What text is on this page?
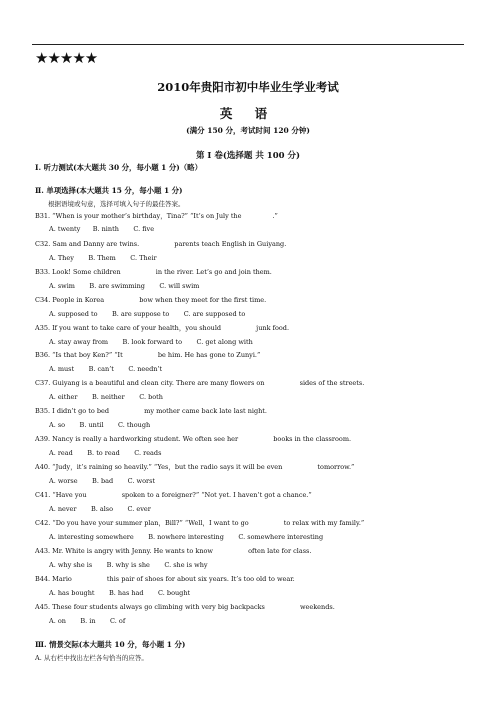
★★★★★
2010年贵阳市初中毕业生学业考试
英 语
(满分 150 分，考试时间 120 分钟)
第 I 卷(选择题 共 100 分)
Ⅰ. 听力测试(本大题共 30 分，每小题 1 分)（略）
Ⅱ. 单项选择(本大题共 15 分，每小题 1 分)
根据语境或句意，选择可填入句子的最佳答案。
B31. “When is your mother’s birthday，Tina?” “It’s on July the               .”
A. twenty      B. ninth       C. five
C32. Sam and Danny are twins.                 parents teach English in Guiyang.
A. They       B. Them       C. Their
B33. Look! Some children                 in the river. Let’s go and join them.
A. swim       B. are swimming       C. will swim
C34. People in Korea                 bow when they meet for the first time.
A. supposed to       B. are suppose to       C. are supposed to
A35. If you want to take care of your health，you should                 junk food.
A. stay away from       B. look forward to       C. get along with
B36. “Is that boy Ken?” “It                 be him. He has gone to Zunyi.”
A. must       B. can’t       C. needn’t
C37. Guiyang is a beautiful and clean city. There are many flowers on                 sides of the streets.
A. either       B. neither       C. both
B35. I didn’t go to bed                 my mother came back late last night.
A. so       B. until       C. though
A39. Nancy is really a hardworking student. We often see her                 books in the classroom.
A. read       B. to read       C. reads
A40. “Judy，it’s raining so heavily.” “Yes，but the radio says it will be even                 tomorrow.”
A. worse       B. bad       C. worst
C41. “Have you                 spoken to a foreigner?” “Not yet. I haven’t got a chance.”
A. never       B. also       C. ever
C42. “Do you have your summer plan，Bill?” “Well，I want to go                 to relax with my family.”
A. interesting somewhere       B. nowhere interesting       C. somewhere interesting
A43. Mr. White is angry with Jenny. He wants to know                 often late for class.
A. why she is       B. why is she       C. she is why
B44. Mario                 this pair of shoes for about six years. It’s too old to wear.
A. has bought       B. has had       C. bought
A45. These four students always go climbing with very big backpacks                 weekends.
A. on       B. in       C. of
Ⅲ. 情景交际(本大题共 10 分，每小题 1 分)
A. 从右栏中找出左栏各句恰当的应答。
